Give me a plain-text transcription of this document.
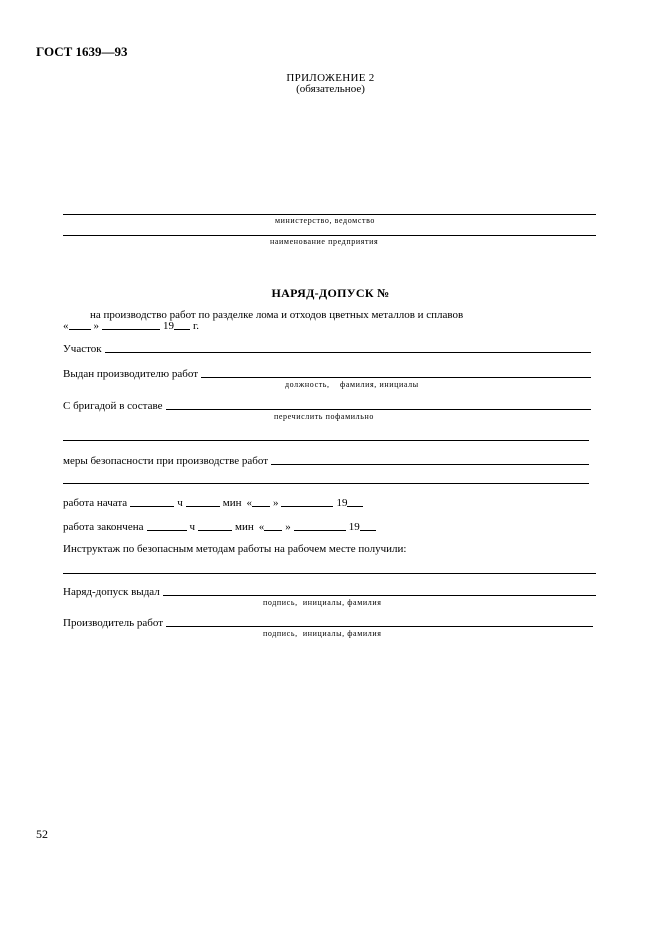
ГОСТ 1639—93
ПРИЛОЖЕНИЕ 2
(обязательное)
министерство, ведомство
наименование предприятия
НАРЯД-ДОПУСК №
на производство работ по разделке лома и отходов цветных металлов и сплавов
« »	19 г.
Участок
Выдан производителю работ
должность,    фамилия, инициалы
С бригадой в составе
перечислить пофамильно
меры безопасности при производстве работ
работа начата	ч	мин « »	19
работа закончена	ч	мин « »	19
Инструктаж по безопасным методам работы на рабочем месте получили:
Наряд-допуск выдал
подпись,  инициалы, фамилия
Производитель работ
подпись,  инициалы, фамилия
52
